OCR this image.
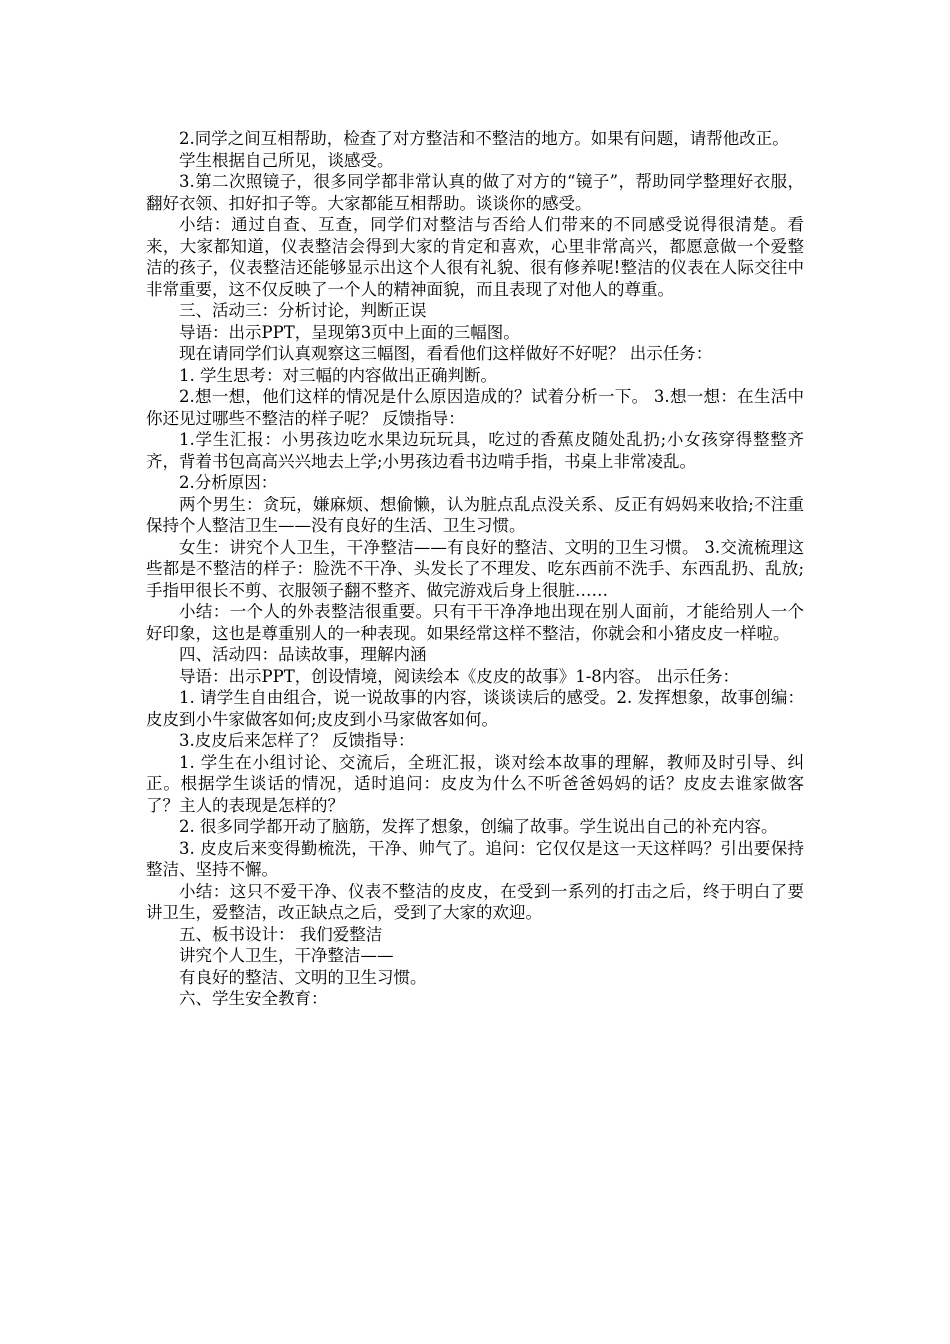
2.同学之间互相帮助，检查了对方整洁和不整洁的地方。如果有问题，请帮他改正。

学生根据自己所见，谈感受。

3.第二次照镜子，很多同学都非常认真的做了对方的“镜子”，帮助同学整理好衣服，翻好衣领、扣好扣子等。大家都能互相帮助。谈谈你的感受。

小结：通过自查、互查，同学们对整洁与否给人们带来的不同感受说得很清楚。看来，大家都知道，仪表整洁会得到大家的肯定和喜欢，心里非常高兴，都愿意做一个爱整洁的孩子，仪表整洁还能够显示出这个人很有礼貌、很有修养呢!整洁的仪表在人际交往中非常重要，这不仅反映了一个人的精神面貌，而且表现了对他人的尊重。

三、活动三：分析讨论，判断正误

导语：出示PPT，呈现第3页中上面的三幅图。

现在请同学们认真观察这三幅图，看看他们这样做好不好呢？ 出示任务：

1. 学生思考：对三幅的内容做出正确判断。

2.想一想，他们这样的情况是什么原因造成的？试着分析一下。 3.想一想：在生活中你还见过哪些不整洁的样子呢？ 反馈指导：

1.学生汇报：小男孩边吃水果边玩玩具，吃过的香蕉皮随处乱扔;小女孩穿得整整齐齐，背着书包高高兴兴地去上学;小男孩边看书边啃手指，书桌上非常凌乱。

2.分析原因：

两个男生：贪玩，嫌麻烦、想偷懒，认为脏点乱点没关系、反正有妈妈来收拾;不注重保持个人整洁卫生——没有良好的生活、卫生习惯。

女生：讲究个人卫生，干净整洁——有良好的整洁、文明的卫生习惯。 3.交流梳理这些都是不整洁的样子：脸洗不干净、头发长了不理发、吃东西前不洗手、东西乱扔、乱放;手指甲很长不剪、衣服领子翻不整齐、做完游戏后身上很脏……

小结：一个人的外表整洁很重要。只有干干净净地出现在别人面前，才能给别人一个好印象，这也是尊重别人的一种表现。如果经常这样不整洁，你就会和小猪皮皮一样啦。

四、活动四：品读故事，理解内涵

导语：出示PPT，创设情境，阅读绘本《皮皮的故事》1-8内容。 出示任务：

1. 请学生自由组合，说一说故事的内容，谈谈读后的感受。2. 发挥想象，故事创编：皮皮到小牛家做客如何;皮皮到小马家做客如何。

3.皮皮后来怎样了？ 反馈指导：

1. 学生在小组讨论、交流后，全班汇报，谈对绘本故事的理解，教师及时引导、纠正。根据学生谈话的情况，适时追问：皮皮为什么不听爸爸妈妈的话？皮皮去谁家做客了？主人的表现是怎样的？

2. 很多同学都开动了脑筋，发挥了想象，创编了故事。学生说出自己的补充内容。

3. 皮皮后来变得勤梳洗，干净、帅气了。追问：它仅仅是这一天这样吗？引出要保持整洁、坚持不懈。

小结：这只不爱干净、仪表不整洁的皮皮，在受到一系列的打击之后，终于明白了要讲卫生，爱整洁，改正缺点之后，受到了大家的欢迎。

五、板书设计： 我们爱整洁

讲究个人卫生，干净整洁——

有良好的整洁、文明的卫生习惯。

六、学生安全教育：
